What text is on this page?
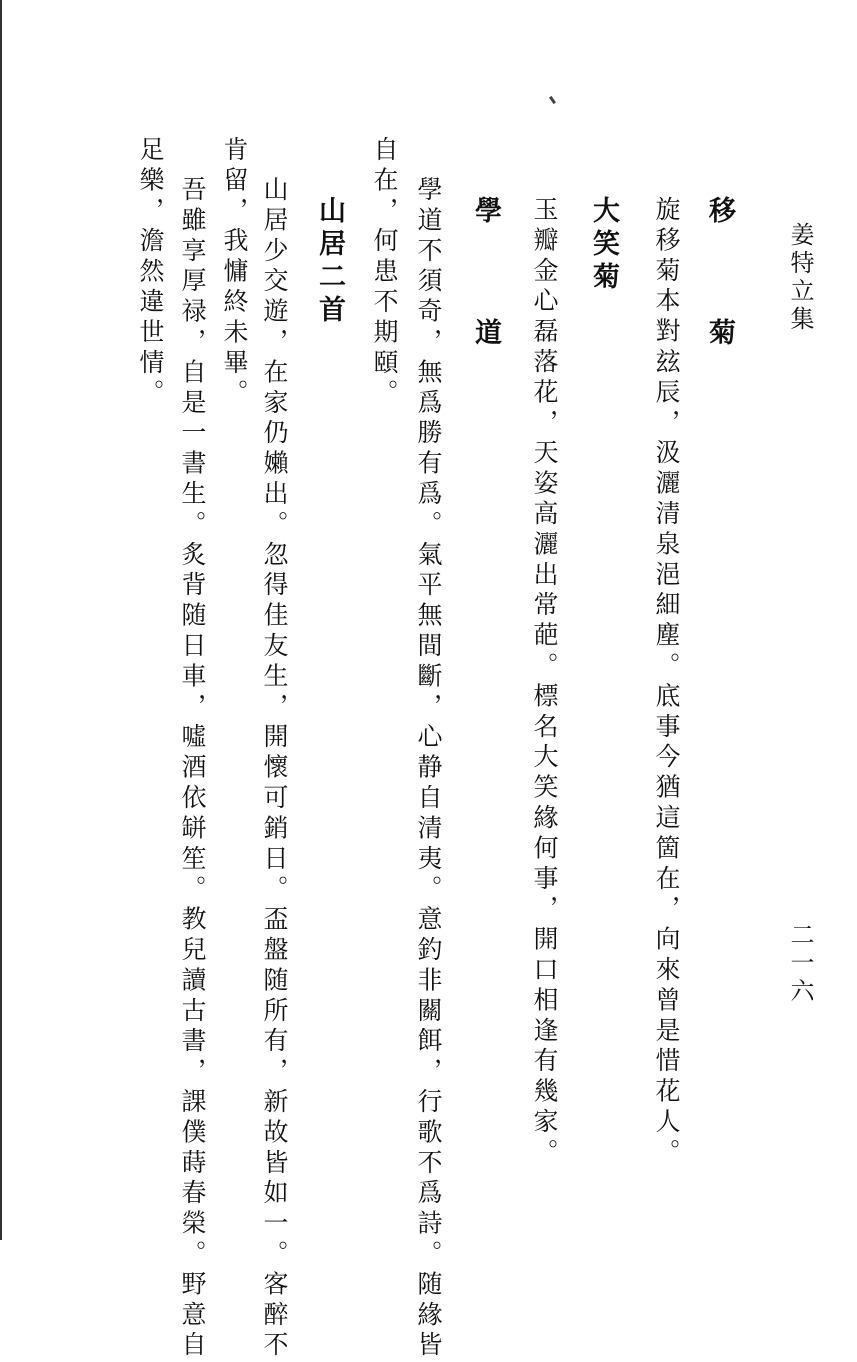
姜特立集
二一六
移 菊
旋移菊本對玆辰，汲灑清泉浥細塵。底事今猶這箇在，向來曾是惜花人。
大笑菊
玉瓣金心磊落花，天姿高灑出常葩。標名大笑緣何事，開口相逢有幾家。
學 道
學道不須奇，無爲勝有爲。氣平無間斷，心静自清夷。意釣非關餌，行歌不爲詩。随緣皆
自在，何患不期頤。
山居二首
山居少交遊，在家仍嬾出。忽得佳友生，開懷可銷日。盃盤随所有，新故皆如一。客醉不
肯留，我慵終未畢。
吾雖享厚禄，自是一書生。炙背随日車，噓酒依缾笙。教兒讀古書，課僕蒔春榮。野意自
足樂，澹然違世情。
